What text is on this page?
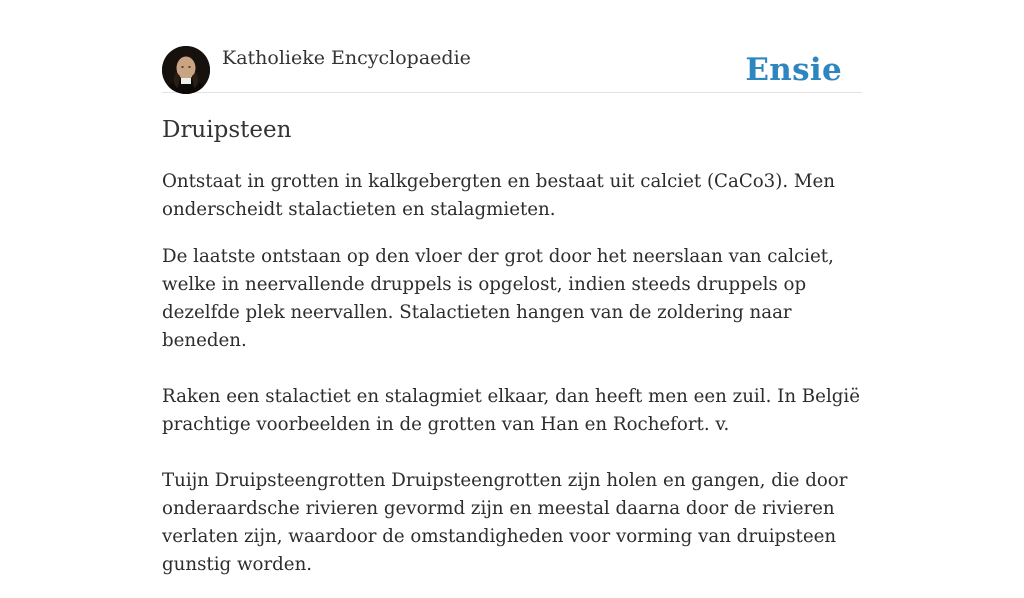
Katholieke Encyclopaedie	Ensie
Druipsteen

Ontstaat in grotten in kalkgebergten en bestaat uit calciet (CaCo3). Men onderscheidt stalactieten en stalagmieten.

De laatste ontstaan op den vloer der grot door het neerslaan van calciet, welke in neervallende druppels is opgelost, indien steeds druppels op dezelfde plek neervallen. Stalactieten hangen van de zoldering naar beneden.

Raken een stalactiet en stalagmiet elkaar, dan heeft men een zuil. In België prachtige voorbeelden in de grotten van Han en Rochefort. v.

Tuijn Druipsteengrotten Druipsteengrotten zijn holen en gangen, die door onderaardsche rivieren gevormd zijn en meestal daarna door de rivieren verlaten zijn, waardoor de omstandigheden voor vorming van druipsteen gunstig worden.
